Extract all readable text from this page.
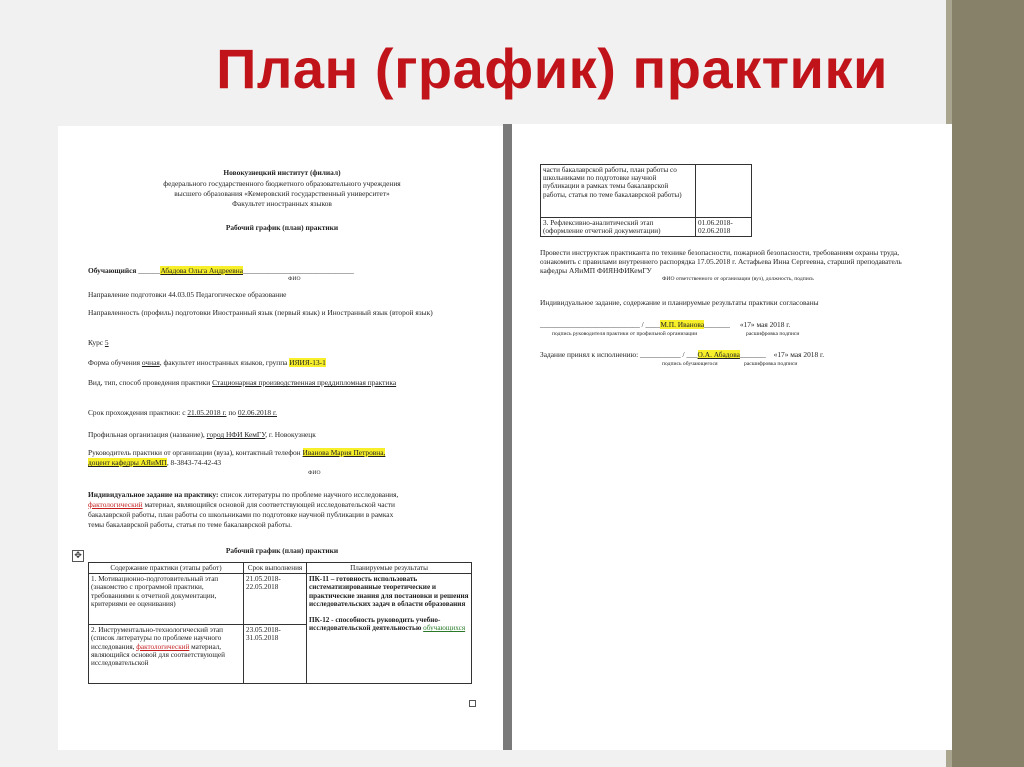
План (график) практики
Новокузнецкий институт (филиал)
федерального государственного бюджетного образовательного учреждения
высшего образования «Кемеровский государственный университет»
Факультет иностранных языков
Рабочий график (план) практики
Обучающийся ______Абадова Ольга Андреевна______________________________
ФИО
Направление подготовки 44.03.05 Педагогическое образование
Направленность (профиль) подготовки Иностранный язык (первый язык) и Иностранный язык (второй язык)
Курс 5
Форма обучения очная, факультет иностранных языков, группа ИЯИЯ-13-1
Вид, тип, способ проведения практики Стационарная производственная преддипломная практика
Срок прохождения практики: с 21.05.2018 г. по 02.06.2018 г.
Профильная организация (название), город НФИ КемГУ, г. Новокузнецк
Руководитель практики от организации (вуза), контактный телефон Иванова Мария Петровна,
доцент кафедры АЯиМП, 8-3843-74-42-43
ФИО
Индивидуальное задание на практику: список литературы по проблеме научного исследования,
фактологический материал, являющийся основой для соответствующей исследовательской части
бакалаврской работы, план работы со школьниками по подготовке научной публикации в рамках
темы бакалаврской работы, статья по теме бакалаврской работы.
Рабочий график (план) практики
✥
Содержание практики (этапы работ)	Срок выполнения	Планируемые результаты
1. Мотивационно-подготовительный этап (знакомство с программой практики, требованиями к отчетной документации, критериями ее оценивания)	21.05.2018-22.05.2018	ПК-11 – готовность использовать систематизированные теоретические и практические знания для постановки и решения исследовательских задач в области образования

ПК-12 - способность руководить учебно-исследовательской деятельностью обучающихся
2. Инструментально-технологический этап (список литературы по проблеме научного исследования, фактологический материал, являющийся основой для соответствующей исследовательской	23.05.2018-31.05.2018	
части бакалаврской работы, план работы со школьниками по подготовке научной публикации в рамках темы бакалаврской работы, статья по теме бакалаврской работы)	
3. Рефлексивно-аналитический этап (оформление отчетной документации)	01.06.2018-02.06.2018
Провести инструктаж практиканта по технике безопасности, пожарной безопасности, требованиям охраны труда, ознакомить с правилами внутреннего распорядка 17.05.2018 г. Астафьева Инна Сергеевна, старший преподаватель кафедры АЯиМП ФИЯНФИКемГУ
ФИО ответственного от организации (вуз), должность, подпись
Индивидуальное задание, содержание и планируемые результаты практики согласованы
___________________________ / ____М.П. Иванова_______ «17» мая 2018 г.
подпись руководителя практики от профильной организации	расшифровка подписи
Задание принял к исполнению: ___________ / ___О.А. Абадова_______ «17» мая 2018 г.
подпись обучающегося	расшифровка подписи
